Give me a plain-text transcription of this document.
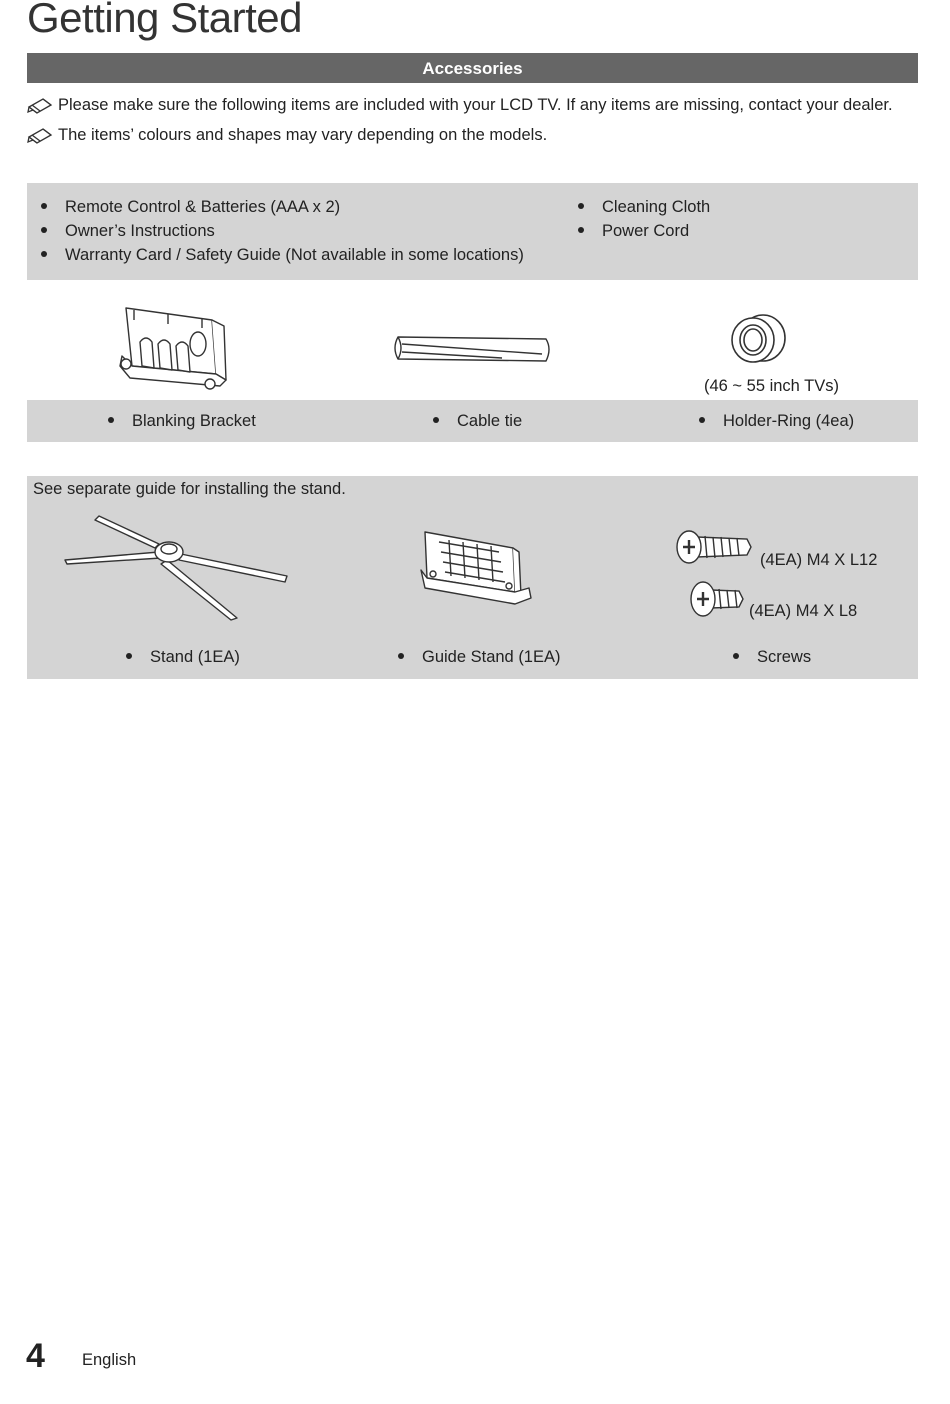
Getting Started
Accessories
Please make sure the following items are included with your LCD TV. If any items are missing, contact your dealer.
The items’ colours and shapes may vary depending on the models.
Remote Control & Batteries (AAA x 2)
Owner’s Instructions
Warranty Card / Safety Guide (Not available in some locations)
Cleaning Cloth
Power Cord
(46 ~ 55 inch TVs)
Blanking Bracket	Cable tie	Holder-Ring (4ea)
See separate guide for installing the stand.
(4EA) M4 X L12
(4EA) M4 X L8
Stand (1EA)	Guide Stand (1EA)	Screws
4 English
